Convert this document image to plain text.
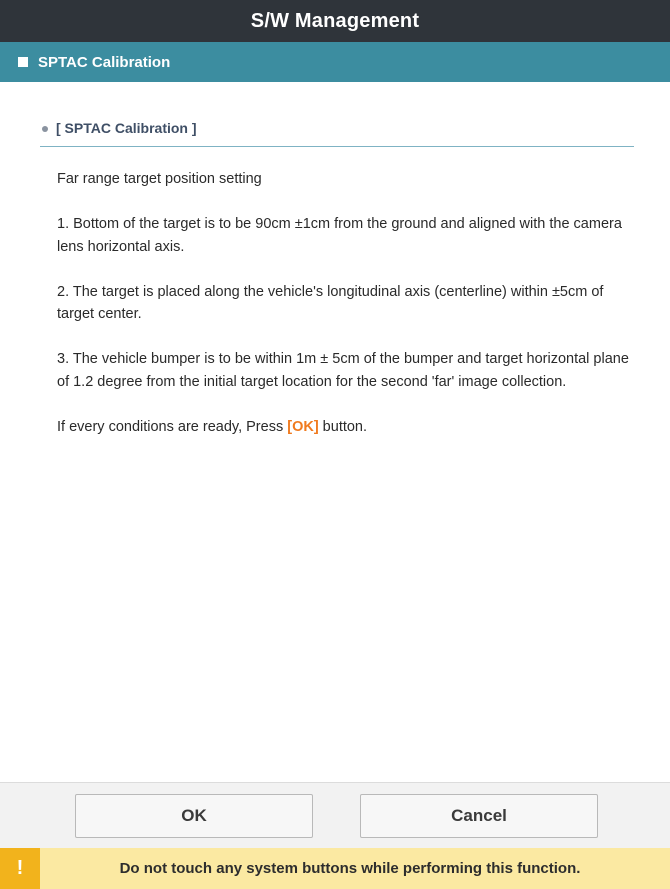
S/W Management
SPTAC Calibration
[ SPTAC Calibration ]

Far range target position setting

1. Bottom of the target is to be 90cm ±1cm from the ground and aligned with the camera lens horizontal axis.

2. The target is placed along the vehicle's longitudinal axis (centerline) within ±5cm of target center.

3. The vehicle bumper is to be within 1m ± 5cm of the bumper and target horizontal plane of 1.2 degree from the initial target location for the second 'far' image collection.

If every conditions are ready, Press [OK] button.

OK	Cancel
!	Do not touch any system buttons while performing this function.
